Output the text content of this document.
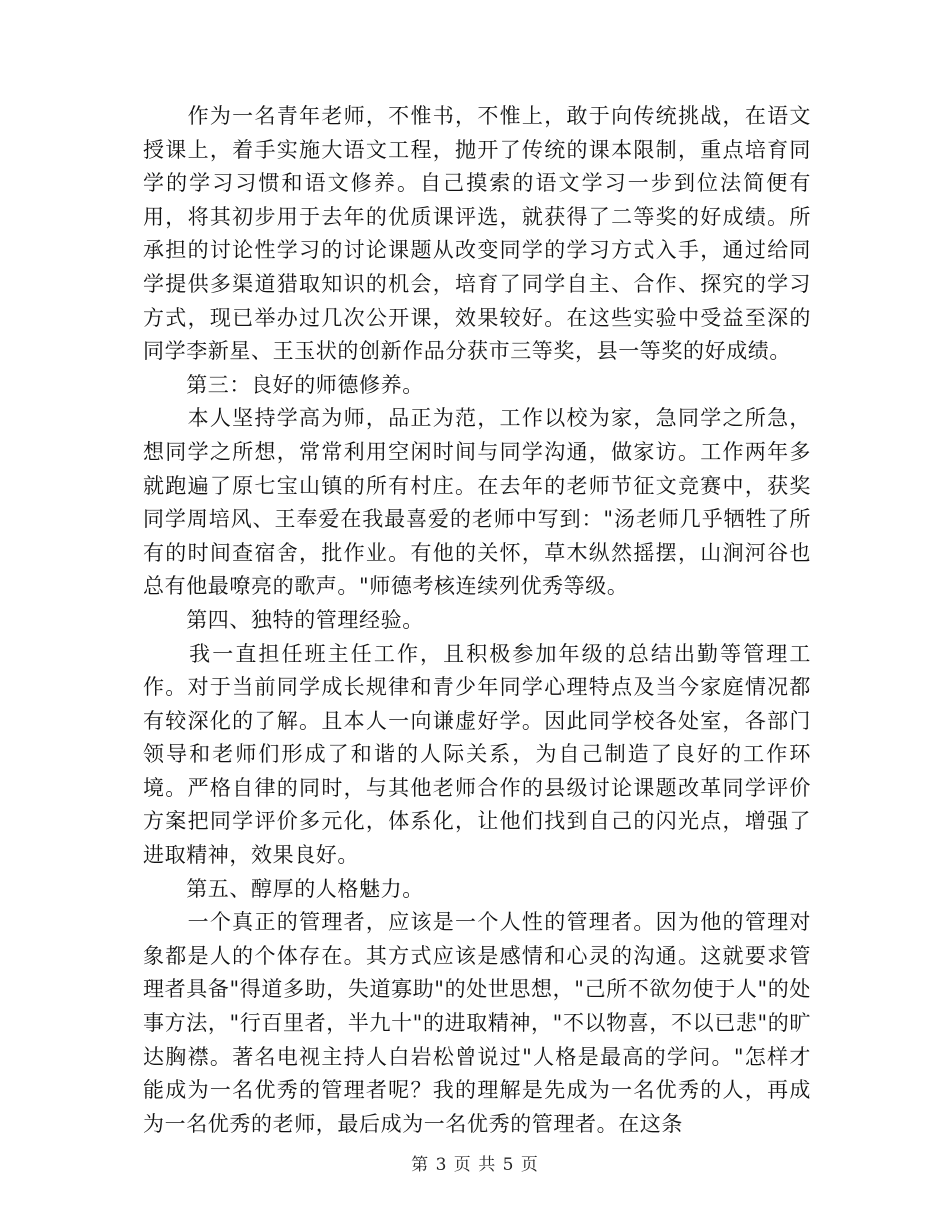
　　作为一名青年老师，不惟书，不惟上，敢于向传统挑战，在语文授课上，着手实施大语文工程，抛开了传统的课本限制，重点培育同学的学习习惯和语文修养。自己摸索的语文学习一步到位法简便有用，将其初步用于去年的优质课评选，就获得了二等奖的好成绩。所承担的讨论性学习的讨论课题从改变同学的学习方式入手，通过给同学提供多渠道猎取知识的机会，培育了同学自主、合作、探究的学习方式，现已举办过几次公开课，效果较好。在这些实验中受益至深的同学李新星、王玉状的创新作品分获市三等奖，县一等奖的好成绩。

　　第三：良好的师德修养。

　　本人坚持学高为师，品正为范，工作以校为家，急同学之所急，想同学之所想，常常利用空闲时间与同学沟通，做家访。工作两年多就跑遍了原七宝山镇的所有村庄。在去年的老师节征文竞赛中，获奖同学周培风、王奉爱在我最喜爱的老师中写到："汤老师几乎牺牲了所有的时间查宿舍，批作业。有他的关怀，草木纵然摇摆，山涧河谷也总有他最嘹亮的歌声。"师德考核连续列优秀等级。

　　第四、独特的管理经验。

　　我一直担任班主任工作，且积极参加年级的总结出勤等管理工作。对于当前同学成长规律和青少年同学心理特点及当今家庭情况都有较深化的了解。且本人一向谦虚好学。因此同学校各处室，各部门领导和老师们形成了和谐的人际关系，为自己制造了良好的工作环境。严格自律的同时，与其他老师合作的县级讨论课题改革同学评价方案把同学评价多元化，体系化，让他们找到自己的闪光点，增强了进取精神，效果良好。

　　第五、醇厚的人格魅力。

　　一个真正的管理者，应该是一个人性的管理者。因为他的管理对象都是人的个体存在。其方式应该是感情和心灵的沟通。这就要求管理者具备"得道多助，失道寡助"的处世思想，"己所不欲勿使于人"的处事方法，"行百里者，半九十"的进取精神，"不以物喜，不以已悲"的旷达胸襟。著名电视主持人白岩松曾说过"人格是最高的学问。"怎样才能成为一名优秀的管理者呢？我的理解是先成为一名优秀的人，再成为一名优秀的老师，最后成为一名优秀的管理者。在这条

第 3 页 共 5 页
